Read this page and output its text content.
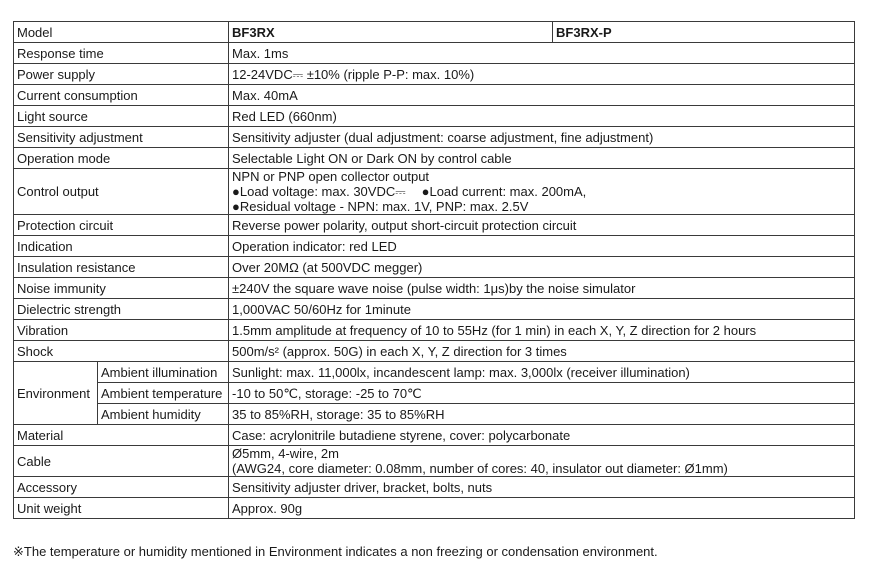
Model		BF3RX	BF3RX-P
Response time		Max. 1ms	
Power supply		12-24VDC⎓ ±10% (ripple P-P: max. 10%)	
Current consumption		Max. 40mA	
Light source		Red LED (660nm)	
Sensitivity adjustment		Sensitivity adjuster (dual adjustment: coarse adjustment, fine adjustment)	
Operation mode		Selectable Light ON or Dark ON by control cable	
Control output		NPN or PNP open collector output
●Load voltage: max. 30VDC⎓ ●Load current: max. 200mA,
●Residual voltage - NPN: max. 1V, PNP: max. 2.5V	

Protection circuit		Reverse power polarity, output short-circuit protection circuit	
Indication		Operation indicator: red LED	
Insulation resistance		Over 20MΩ (at 500VDC megger)	
Noise immunity		±240V the square wave noise (pulse width: 1μs)by the noise simulator	
Dielectric strength		1,000VAC 50/60Hz for 1minute	
Vibration		1.5mm amplitude at frequency of 10 to 55Hz (for 1 min) in each X, Y, Z direction for 2 hours	
Shock		500m/s² (approx. 50G) in each X, Y, Z direction for 3 times	
Environment	Ambient illumination	Sunlight: max. 11,000lx, incandescent lamp: max. 3,000lx (receiver illumination)	
	Ambient temperature	-10 to 50℃, storage: -25 to 70℃	
	Ambient humidity	35 to 85%RH, storage: 35 to 85%RH	
Material		Case: acrylonitrile butadiene styrene, cover: polycarbonate	
Cable		Ø5mm, 4-wire, 2m
(AWG24, core diameter: 0.08mm, number of cores: 40, insulator out diameter: Ø1mm)	

Accessory		Sensitivity adjuster driver, bracket, bolts, nuts	
Unit weight		Approx. 90g	
※The temperature or humidity mentioned in Environment indicates a non freezing or condensation environment.
